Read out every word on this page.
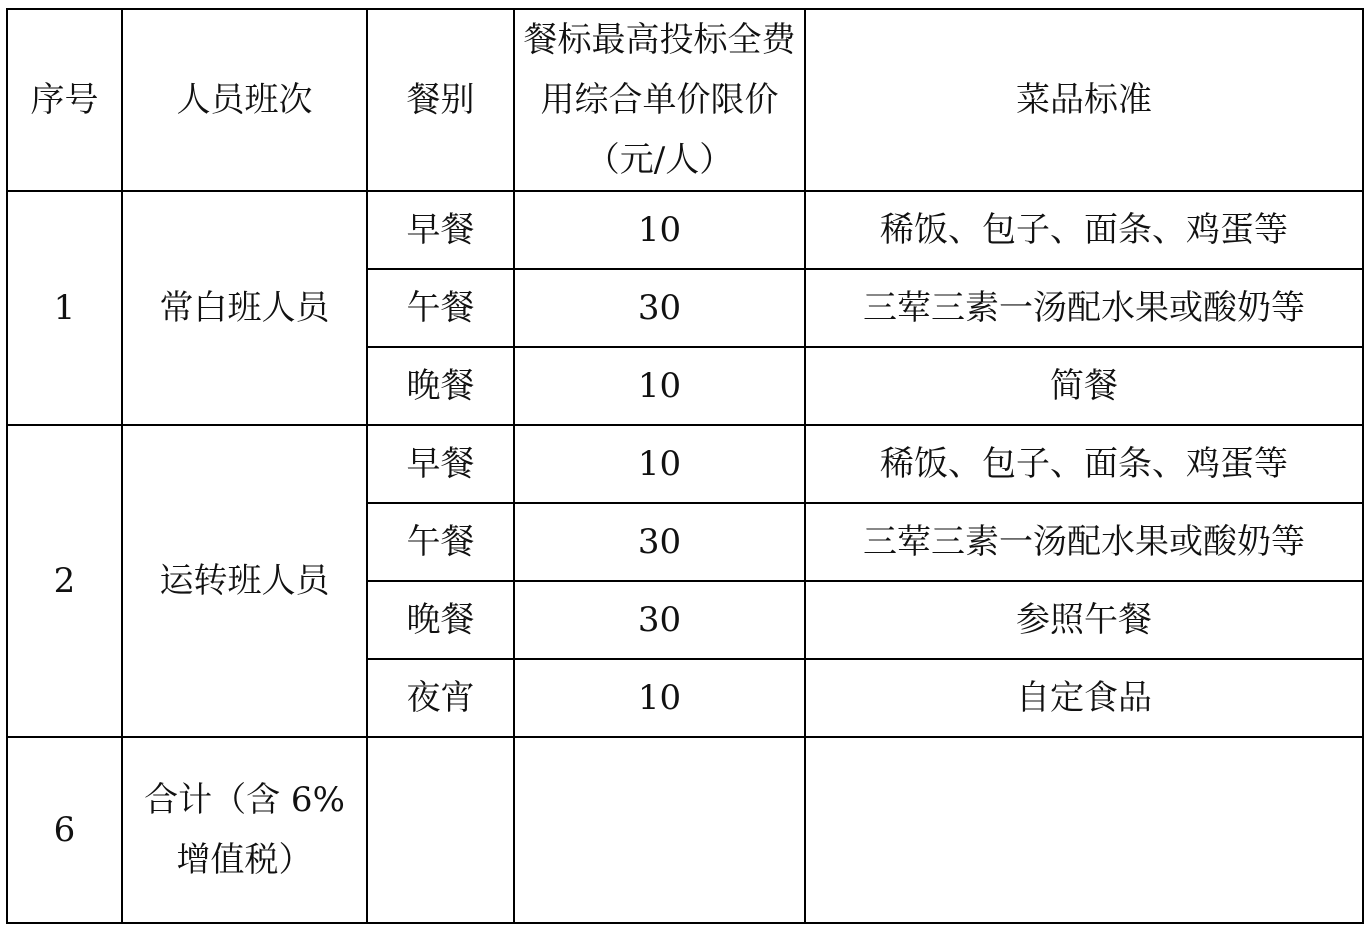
序号	人员班次	餐别	餐标最高投标全费用综合单价限价（元/人）	菜品标准
1	常白班人员	早餐	10	稀饭、包子、面条、鸡蛋等
		午餐	30	三荤三素一汤配水果或酸奶等
		晚餐	10	简餐
2	运转班人员	早餐	10	稀饭、包子、面条、鸡蛋等
		午餐	30	三荤三素一汤配水果或酸奶等
		晚餐	30	参照午餐
		夜宵	10	自定食品
6	合计（含 6%增值税）			
